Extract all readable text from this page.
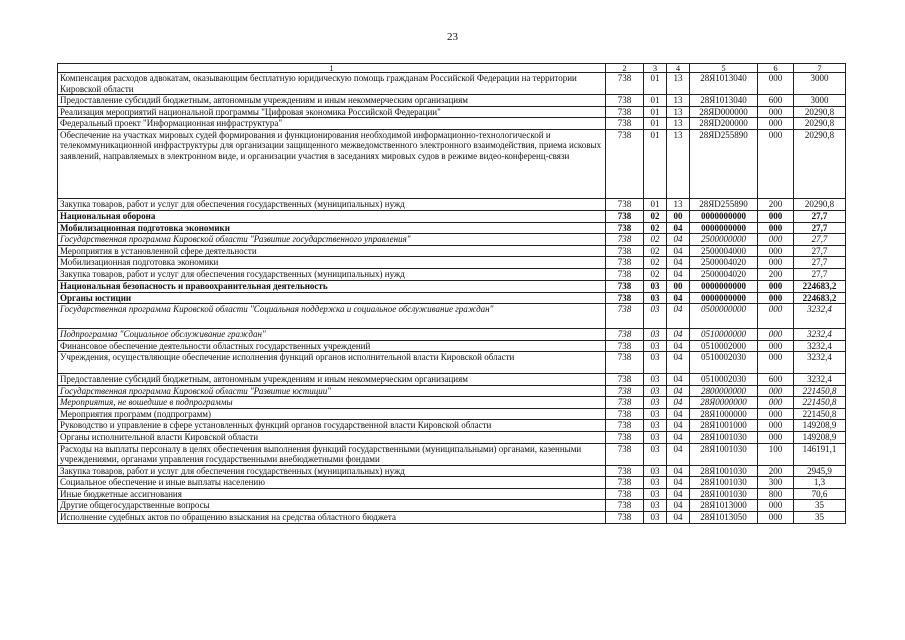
23
1	2	3	4	5	6	7
Компенсация расходов адвокатам, оказывающим бесплатную юридическую помощь гражданам Российской Федерации на территории Кировской области	738	01	13	28Я1013040	000	3000
Предоставление субсидий бюджетным, автономным учреждениям и иным некоммерческим организациям	738	01	13	28Я1013040	600	3000
Реализация мероприятий национальной программы "Цифровая экономика Российской Федерации"	738	01	13	28ЯD000000	000	20290,8
Федеральный проект "Информационная инфраструктура"	738	01	13	28ЯD200000	000	20290,8
Обеспечение на участках мировых судей формирования и функционирования необходимой информационно-технологической и телекоммуникационной инфраструктуры для организации защищенного межведомственного электронного взаимодействия, приема исковых заявлений, направляемых в электронном виде, и организации участия в заседаниях мировых судов в режиме видео-конференц-связи	738	01	13	28ЯD255890	000	20290,8
Закупка товаров, работ и услуг для обеспечения государственных (муниципальных) нужд	738	01	13	28ЯD255890	200	20290,8
Национальная оборона	738	02	00	0000000000	000	27,7
Мобилизационная подготовка экономики	738	02	04	0000000000	000	27,7
Государственная программа Кировской области "Развитие государственного управления"	738	02	04	2500000000	000	27,7
Мероприятия в установленной сфере деятельности	738	02	04	2500004000	000	27,7
Мобилизационная подготовка экономики	738	02	04	2500004020	000	27,7
Закупка товаров, работ и услуг для обеспечения государственных (муниципальных) нужд	738	02	04	2500004020	200	27,7
Национальная безопасность и правоохранительная деятельность	738	03	00	0000000000	000	224683,2
Органы юстиции	738	03	04	0000000000	000	224683,2
Государственная программа Кировской области "Социальная поддержка и социальное обслуживание граждан"	738	03	04	0500000000	000	3232,4
Подпрограмма "Социальное обслуживание граждан"	738	03	04	0510000000	000	3232,4
Финансовое обеспечение деятельности областных государственных учреждений	738	03	04	0510002000	000	3232,4
Учреждения, осуществляющие обеспечение исполнения функций органов исполнительной власти Кировской области	738	03	04	0510002030	000	3232,4
Предоставление субсидий бюджетным, автономным учреждениям и иным некоммерческим организациям	738	03	04	0510002030	600	3232,4
Государственная программа Кировской области "Развитие юстиции"	738	03	04	2800000000	000	221450,8
Мероприятия, не вошедшие в подпрограммы	738	03	04	28Я0000000	000	221450,8
Мероприятия программ (подпрограмм)	738	03	04	28Я1000000	000	221450,8
Руководство и управление в сфере установленных функций органов государственной власти Кировской области	738	03	04	28Я1001000	000	149208,9
Органы исполнительной власти Кировской области	738	03	04	28Я1001030	000	149208,9
Расходы на выплаты персоналу в целях обеспечения выполнения функций государственными (муниципальными) органами, казенными учреждениями, органами управления государственными внебюджетными фондами	738	03	04	28Я1001030	100	146191,1
Закупка товаров, работ и услуг для обеспечения государственных (муниципальных) нужд	738	03	04	28Я1001030	200	2945,9
Социальное обеспечение и иные выплаты населению	738	03	04	28Я1001030	300	1,3
Иные бюджетные ассигнования	738	03	04	28Я1001030	800	70,6
Другие общегосударственные вопросы	738	03	04	28Я1013000	000	35
Исполнение судебных актов по обращению взыскания на средства областного бюджета	738	03	04	28Я1013050	000	35
